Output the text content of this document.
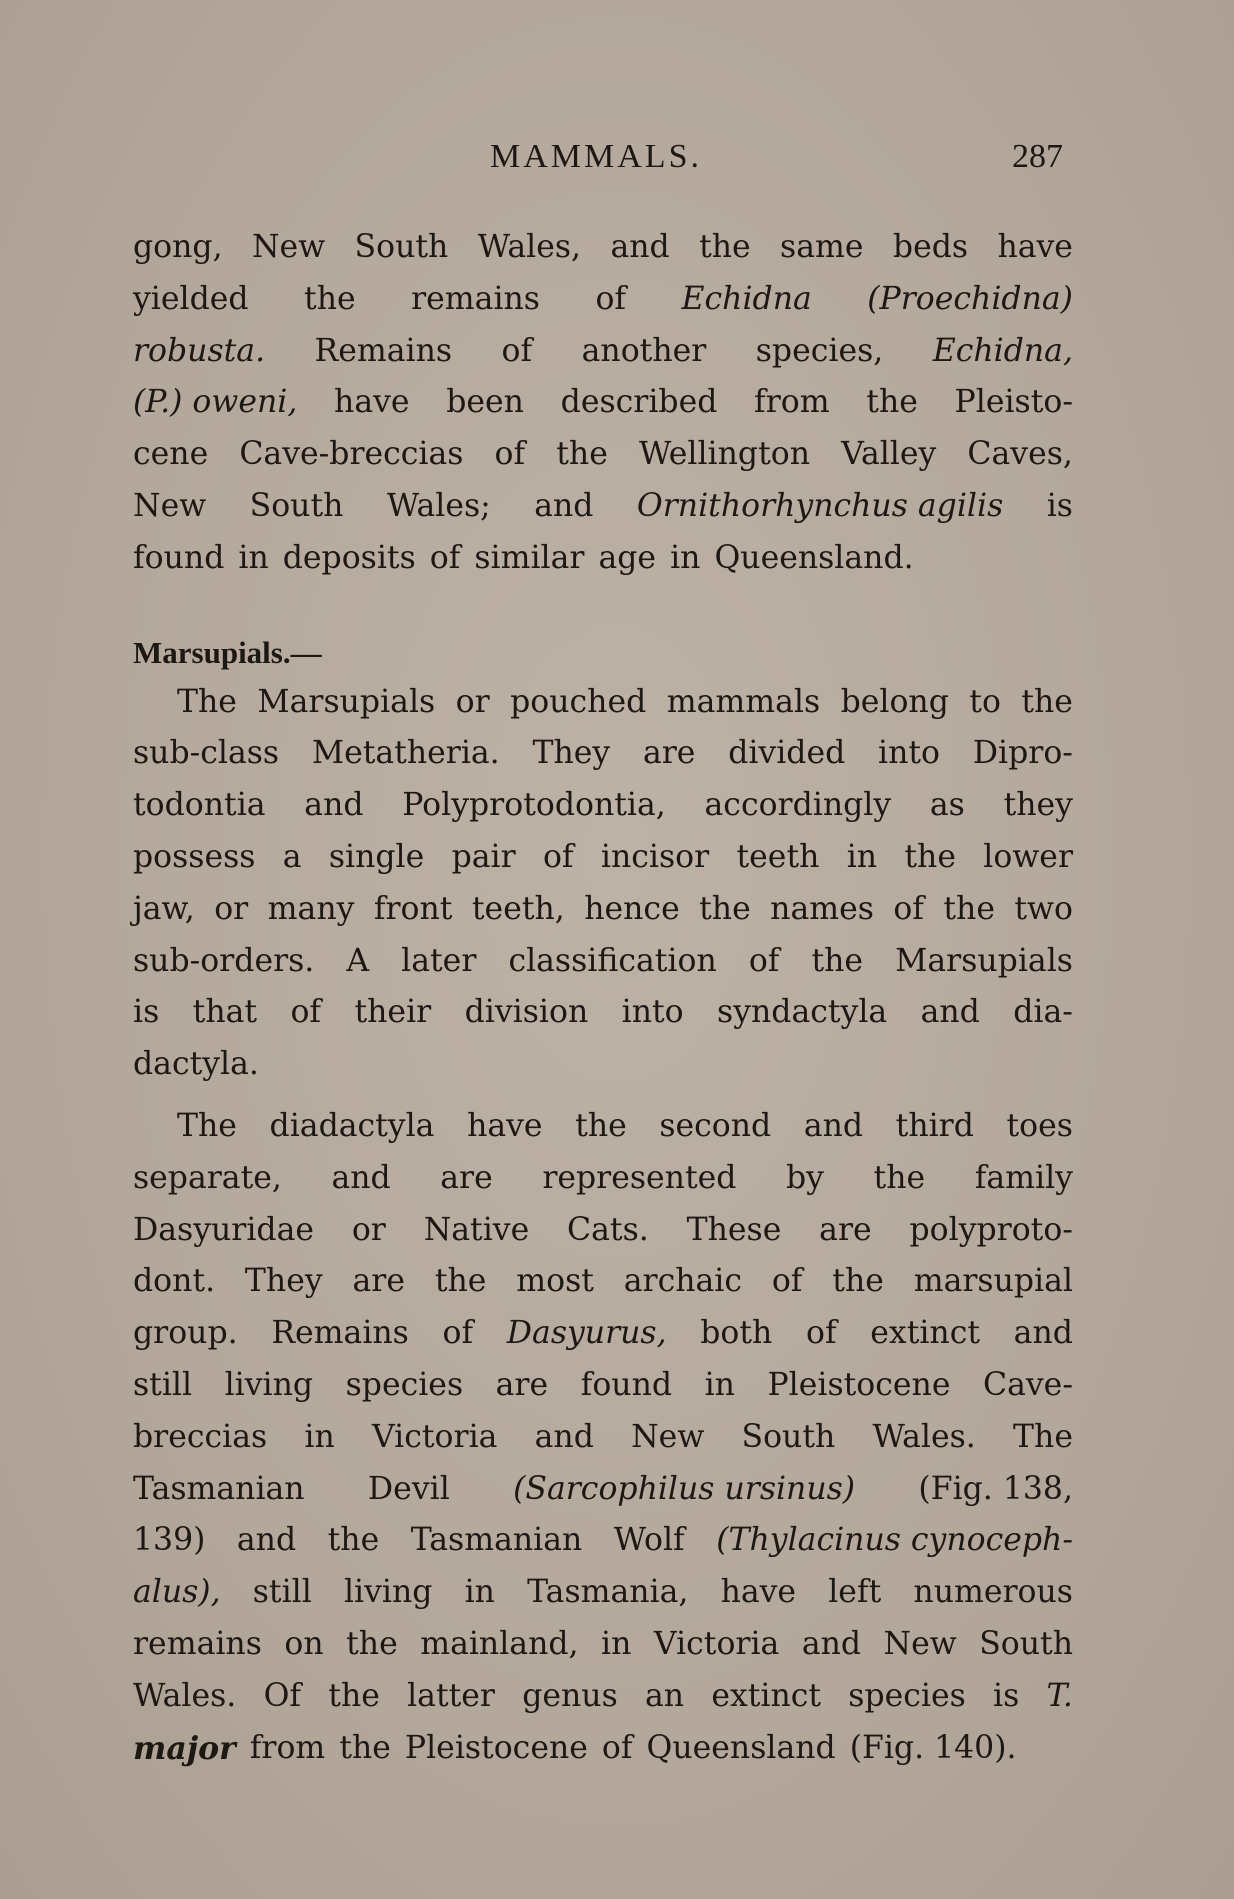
MAMMALS.	287
gong, New South Wales, and the same beds have
yielded the remains of Echidna (Proechidna)
robusta. Remains of another species, Echidna,
(P.) oweni, have been described from the Pleisto-
cene Cave-breccias of the Wellington Valley Caves,
New South Wales; and Ornithorhynchus agilis is
found in deposits of similar age in Queensland.
Marsupials.—
The Marsupials or pouched mammals belong to the
sub-class Metatheria. They are divided into Dipro-
todontia and Polyprotodontia, accordingly as they
possess a single pair of incisor teeth in the lower
jaw, or many front teeth, hence the names of the two
sub-orders. A later classification of the Marsupials
is that of their division into syndactyla and dia-
dactyla.
The diadactyla have the second and third toes
separate, and are represented by the family
Dasyuridae or Native Cats. These are polyproto-
dont. They are the most archaic of the marsupial
group. Remains of Dasyurus, both of extinct and
still living species are found in Pleistocene Cave-
breccias in Victoria and New South Wales. The
Tasmanian Devil (Sarcophilus ursinus) (Fig. 138,
139) and the Tasmanian Wolf (Thylacinus cynoceph-
alus), still living in Tasmania, have left numerous
remains on the mainland, in Victoria and New South
Wales. Of the latter genus an extinct species is T.
major from the Pleistocene of Queensland (Fig. 140).
